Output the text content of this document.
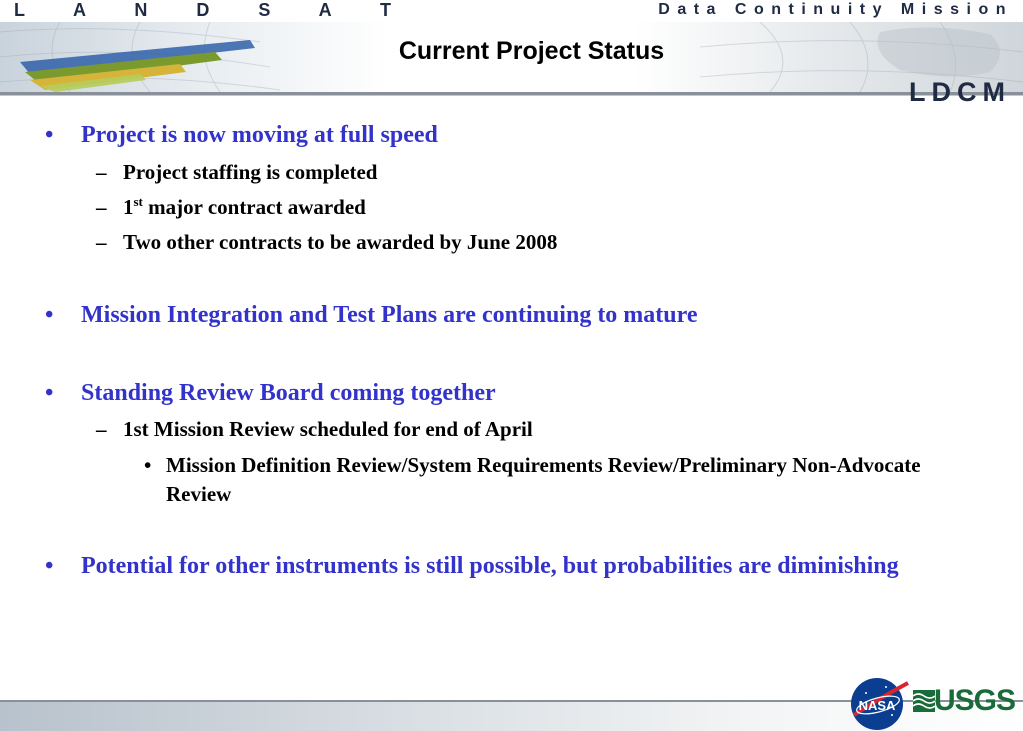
L A N D S A T	Data Continuity Mission
Current Project Status
LDCM
• Project is now moving at full speed
– Project staffing is completed
– 1st major contract awarded
– Two other contracts to be awarded by June 2008
• Mission Integration and Test Plans are continuing to mature
• Standing Review Board coming together
– 1st Mission Review scheduled for end of April
• Mission Definition Review/System Requirements Review/Preliminary Non-Advocate Review
• Potential for other instruments is still possible, but probabilities are diminishing
NASA USGS
